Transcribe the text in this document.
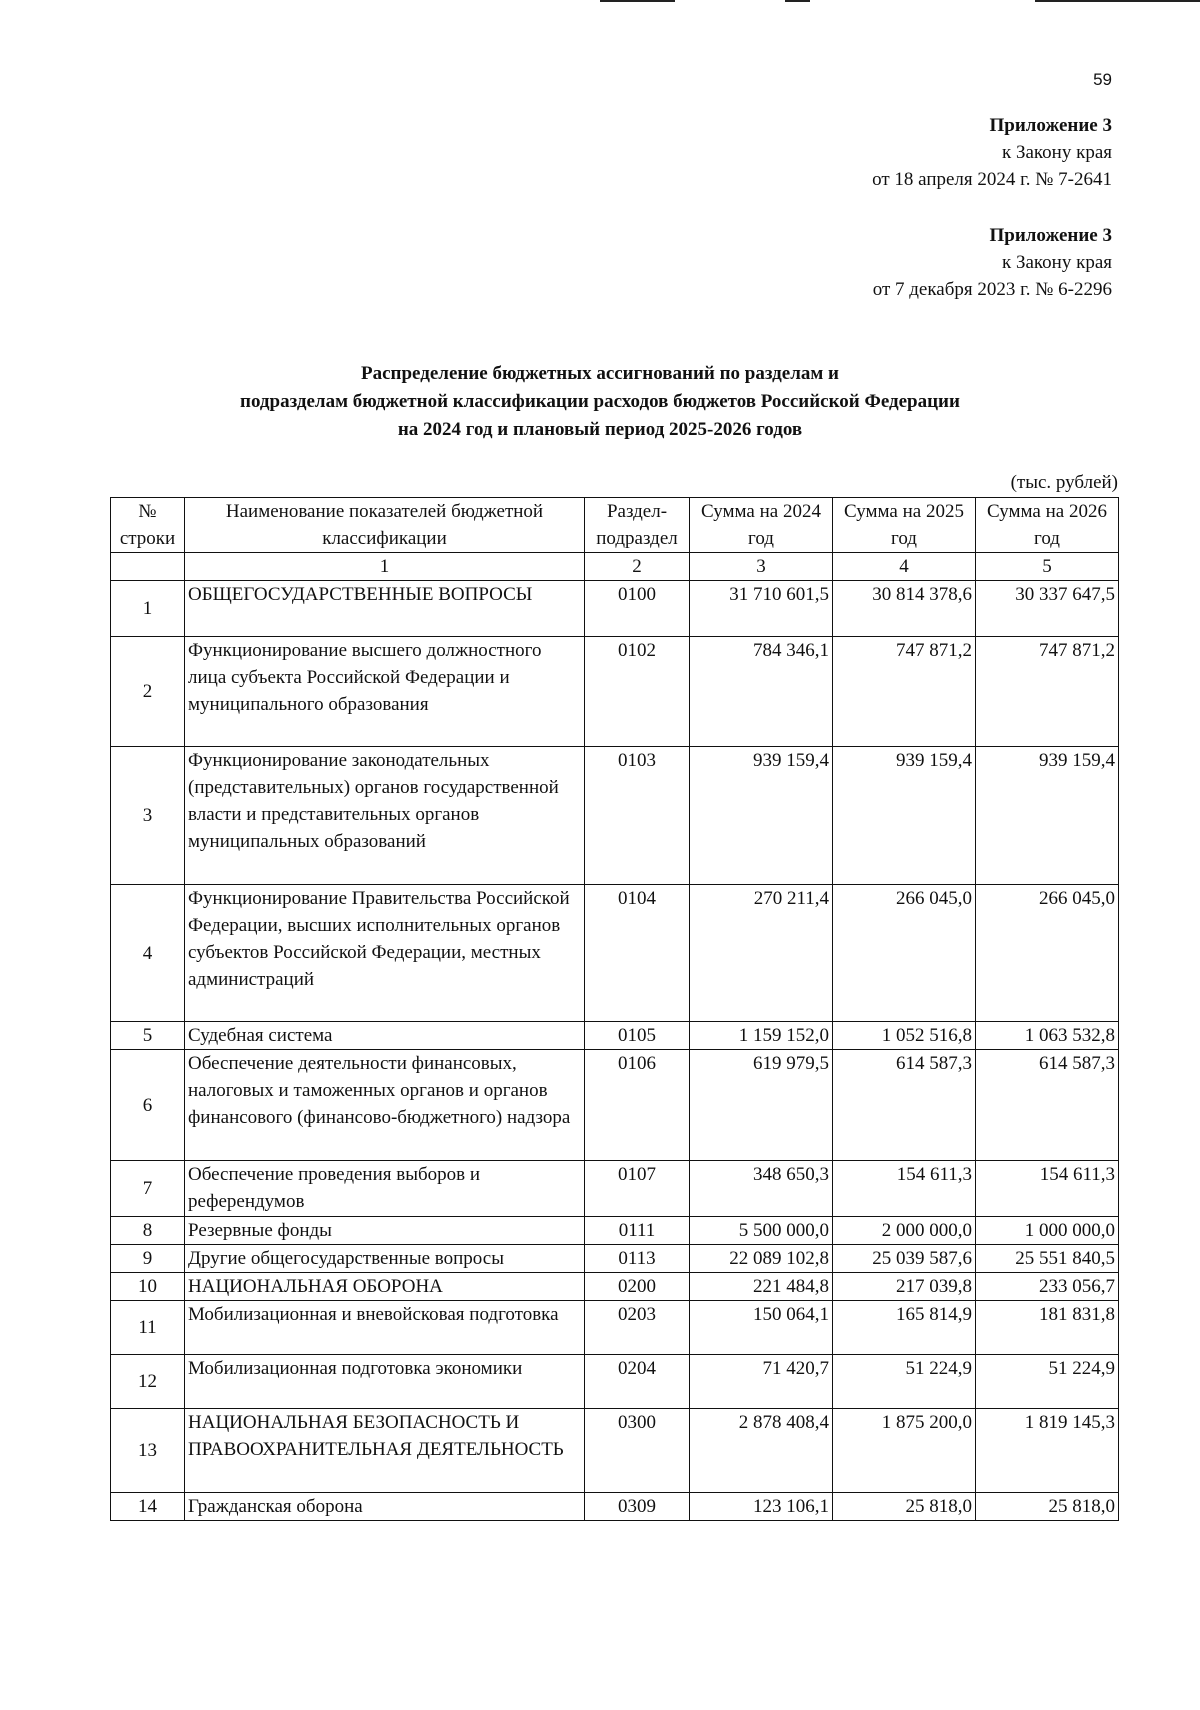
59
Приложение 3
к Закону края
от 18 апреля 2024 г. № 7-2641
Приложение 3
к Закону края
от 7 декабря 2023 г. № 6-2296
Распределение бюджетных ассигнований по разделам и
подразделам бюджетной классификации расходов бюджетов Российской Федерации
на 2024 год и плановый период 2025-2026 годов
(тыс. рублей)
№ строки	Наименование показателей бюджетной классификации	Раздел-подраздел	Сумма на 2024 год	Сумма на 2025 год	Сумма на 2026 год
	1	2	3	4	5
1	ОБЩЕГОСУДАРСТВЕННЫЕ ВОПРОСЫ	0100	31 710 601,5	30 814 378,6	30 337 647,5
2	Функционирование высшего должностного лица субъекта Российской Федерации и муниципального образования	0102	784 346,1	747 871,2	747 871,2
3	Функционирование законодательных (представительных) органов государственной власти и представительных органов муниципальных образований	0103	939 159,4	939 159,4	939 159,4
4	Функционирование Правительства Российской Федерации, высших исполнительных органов субъектов Российской Федерации, местных администраций	0104	270 211,4	266 045,0	266 045,0
5	Судебная система	0105	1 159 152,0	1 052 516,8	1 063 532,8
6	Обеспечение деятельности финансовых, налоговых и таможенных органов и органов финансового (финансово-бюджетного) надзора	0106	619 979,5	614 587,3	614 587,3
7	Обеспечение проведения выборов и референдумов	0107	348 650,3	154 611,3	154 611,3
8	Резервные фонды	0111	5 500 000,0	2 000 000,0	1 000 000,0
9	Другие общегосударственные вопросы	0113	22 089 102,8	25 039 587,6	25 551 840,5
10	НАЦИОНАЛЬНАЯ ОБОРОНА	0200	221 484,8	217 039,8	233 056,7
11	Мобилизационная и вневойсковая подготовка	0203	150 064,1	165 814,9	181 831,8
12	Мобилизационная подготовка экономики	0204	71 420,7	51 224,9	51 224,9
13	НАЦИОНАЛЬНАЯ БЕЗОПАСНОСТЬ И ПРАВООХРАНИТЕЛЬНАЯ ДЕЯТЕЛЬНОСТЬ	0300	2 878 408,4	1 875 200,0	1 819 145,3
14	Гражданская оборона	0309	123 106,1	25 818,0	25 818,0
